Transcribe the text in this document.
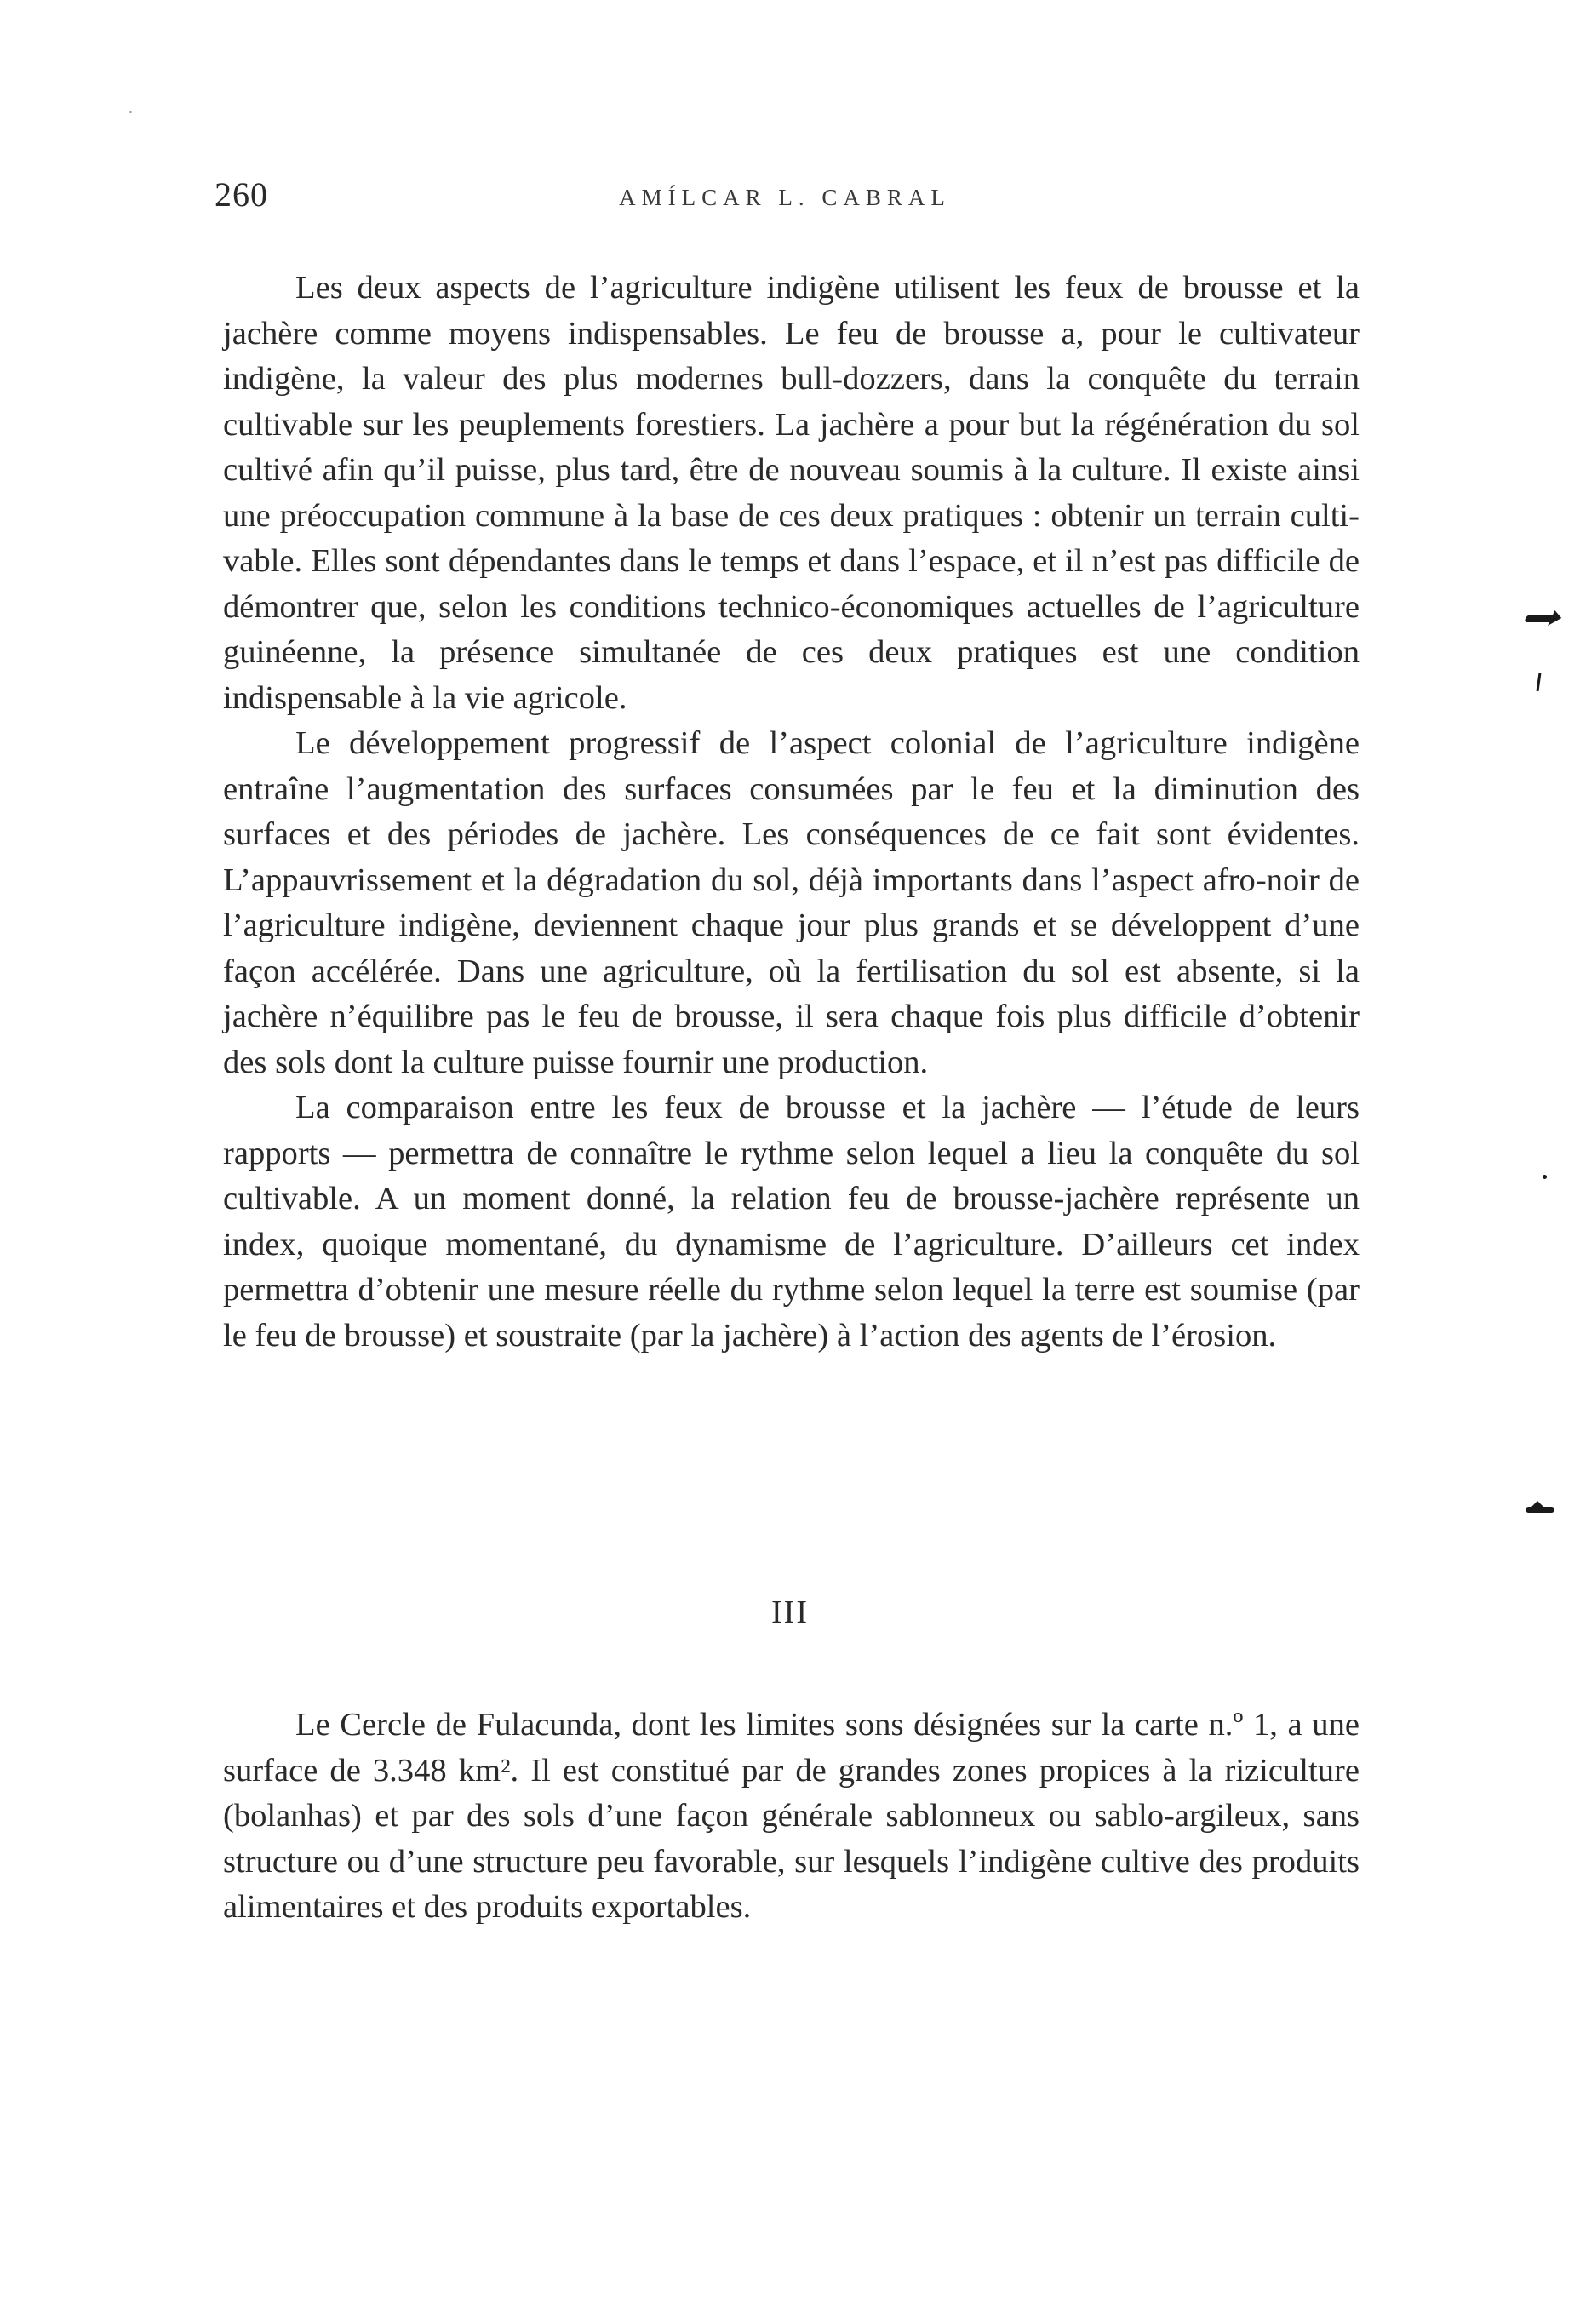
260	AMÍLCAR L. CABRAL

Les deux aspects de l’agriculture indigène utilisent les feux de brousse et la jachère comme moyens indispensables. Le feu de brousse a, pour le cultivateur indigène, la valeur des plus modernes bull-dozzers, dans la conquête du terrain cultivable sur les peuplements forestiers. La jachère a pour but la régénération du sol cultivé afin qu’il puisse, plus tard, être de nouveau soumis à la culture. Il existe ainsi une préoccupation commune à la base de ces deux pratiques : obtenir un terrain cultivable. Elles sont dépendantes dans le temps et dans l’espace, et il n’est pas difficile de démontrer que, selon les conditions technico-économiques actuelles de l’agriculture guinéenne, la présence simultanée de ces deux pratiques est une condition indispensable à la vie agricole.

Le développement progressif de l’aspect colonial de l’agriculture indigène entraîne l’augmentation des surfaces consumées par le feu et la diminution des surfaces et des périodes de jachère. Les conséquences de ce fait sont évidentes. L’appauvrissement et la dégradation du sol, déjà importants dans l’aspect afro-noir de l’agriculture indigène, deviennent chaque jour plus grands et se développent d’une façon accélérée. Dans une agriculture, où la fertilisation du sol est absente, si la jachère n’équilibre pas le feu de brousse, il sera chaque fois plus difficile d’obtenir des sols dont la culture puisse fournir une production.

La comparaison entre les feux de brousse et la jachère — l’étude de leurs rapports — permettra de connaître le rythme selon lequel a lieu la conquête du sol cultivable. A un moment donné, la relation feu de brousse-jachère représente un index, quoique momentané, du dynamisme de l’agriculture. D’ailleurs cet index permettra d’obtenir une mesure réelle du rythme selon lequel la terre est soumise (par le feu de brousse) et soustraite (par la jachère) à l’action des agents de l’érosion.

III

Le Cercle de Fulacunda, dont les limites sons désignées sur la carte n.º 1, a une surface de 3.348 km². Il est constitué par de grandes zones propices à la riziculture (bolanhas) et par des sols d’une façon générale sablonneux ou sablo-argileux, sans structure ou d’une structure peu favorable, sur lesquels l’indigène cultive des produits alimentaires et des produits exportables.
